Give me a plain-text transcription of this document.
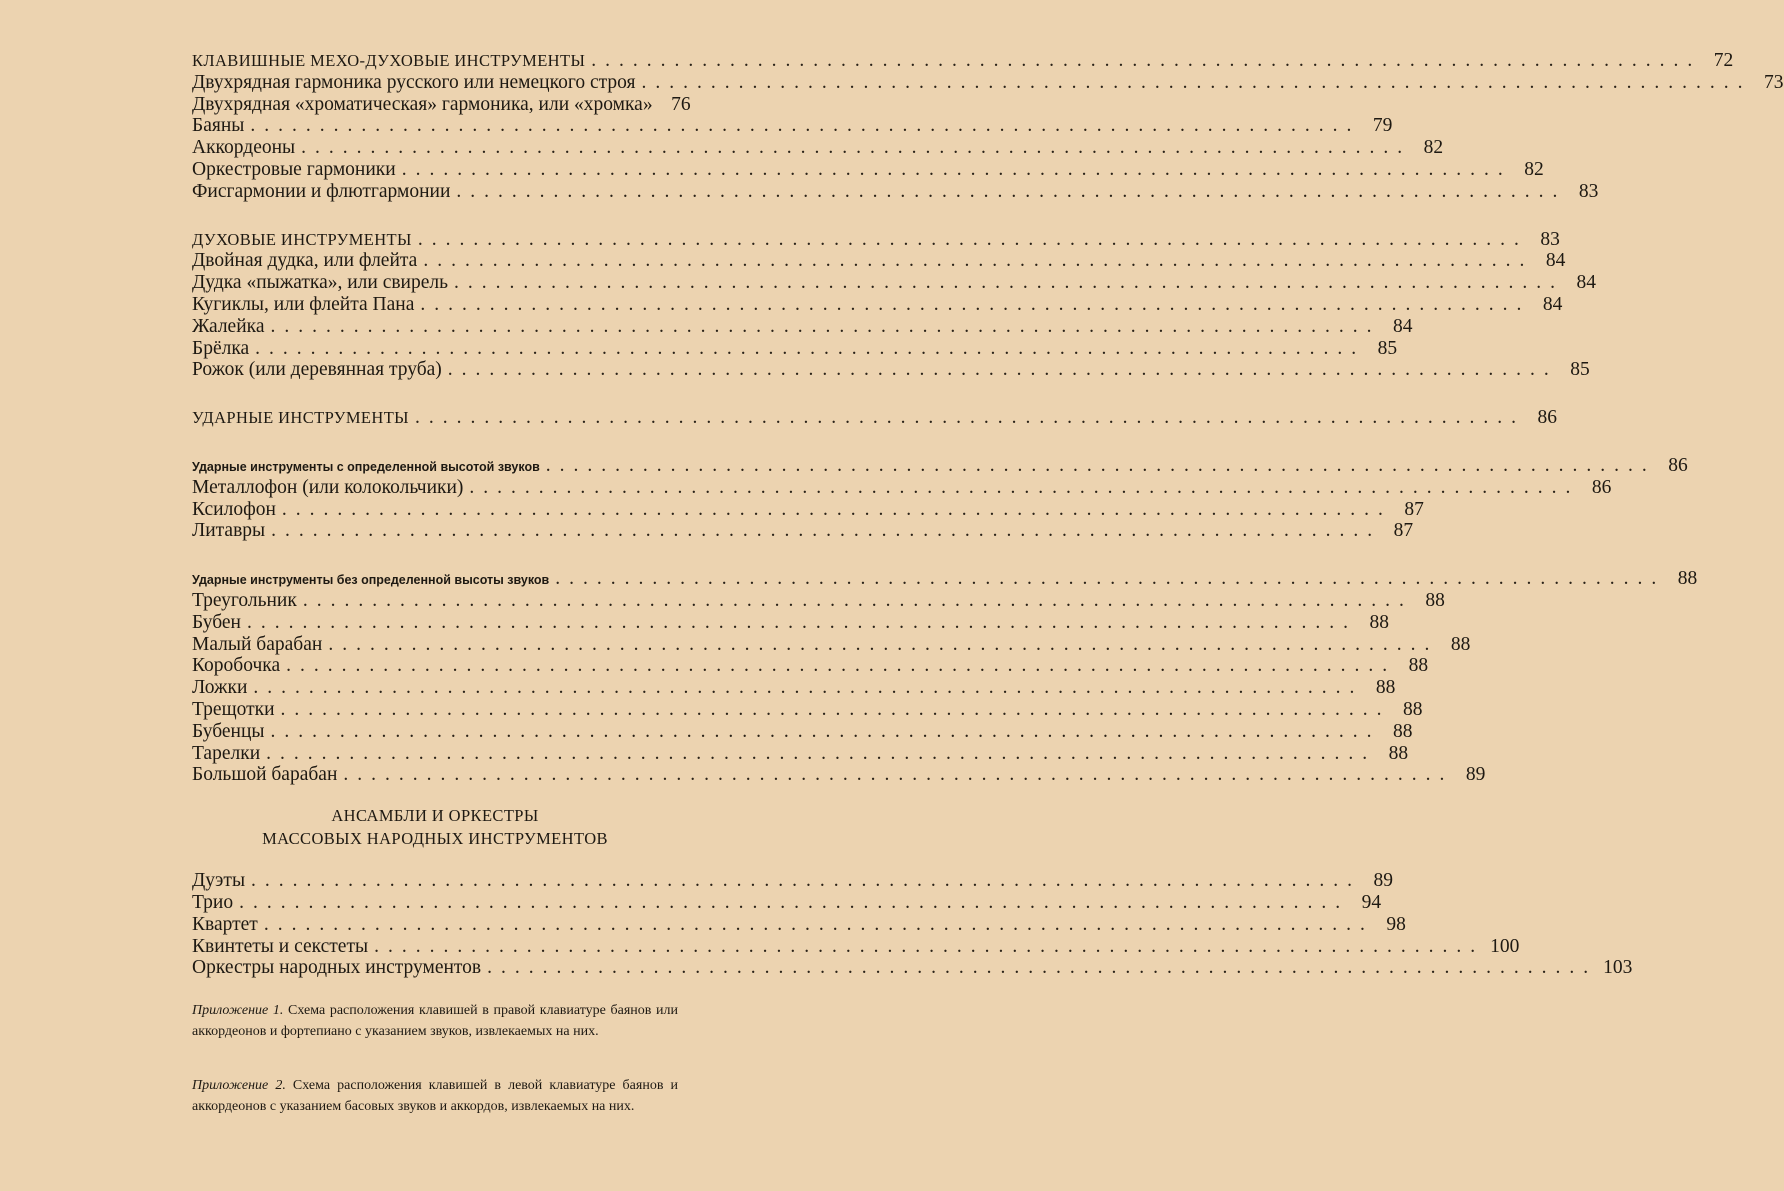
КЛАВИШНЫЕ МЕХО-ДУХОВЫЕ ИНСТРУМЕНТЫ ................................................................................ 72
Двухрядная гармоника русского или немецкого строя ................................................................................ 73
Двухрядная «хроматическая» гармоника, или «хромка» 76
Баяны ................................................................................ 79
Аккордеоны ................................................................................ 82
Оркестровые гармоники ................................................................................ 82
Фисгармонии и флютгармонии ................................................................................ 83
ДУХОВЫЕ ИНСТРУМЕНТЫ ................................................................................ 83
Двойная дудка, или флейта ................................................................................ 84
Дудка «пыжатка», или свирель ................................................................................ 84
Кугиклы, или флейта Пана ................................................................................ 84
Жалейка ................................................................................ 84
Брёлка ................................................................................ 85
Рожок (или деревянная труба) ................................................................................ 85
УДАРНЫЕ ИНСТРУМЕНТЫ ................................................................................ 86
Ударные инструменты с определенной высотой звуков ................................................................................ 86
Металлофон (или колокольчики) ................................................................................ 86
Ксилофон ................................................................................ 87
Литавры ................................................................................ 87
Ударные инструменты без определенной высоты звуков ................................................................................ 88
Треугольник ................................................................................ 88
Бубен ................................................................................ 88
Малый барабан ................................................................................ 88
Коробочка ................................................................................ 88
Ложки ................................................................................ 88
Трещотки ................................................................................ 88
Бубенцы ................................................................................ 88
Тарелки ................................................................................ 88
Большой барабан ................................................................................ 89
АНСАМБЛИ И ОРКЕСТРЫ
МАССОВЫХ НАРОДНЫХ ИНСТРУМЕНТОВ
Дуэты ................................................................................ 89
Трио ................................................................................ 94
Квартет ................................................................................ 98
Квинтеты и секстеты ................................................................................ 100
Оркестры народных инструментов ................................................................................ 103
Приложение 1. Схема расположения клавишей в правой клавиатуре баянов или аккордеонов и фортепиано с указанием звуков, извлекаемых на них.
Приложение 2. Схема расположения клавишей в левой клавиатуре баянов и аккордеонов с указанием басовых звуков и аккордов, извлекаемых на них.
